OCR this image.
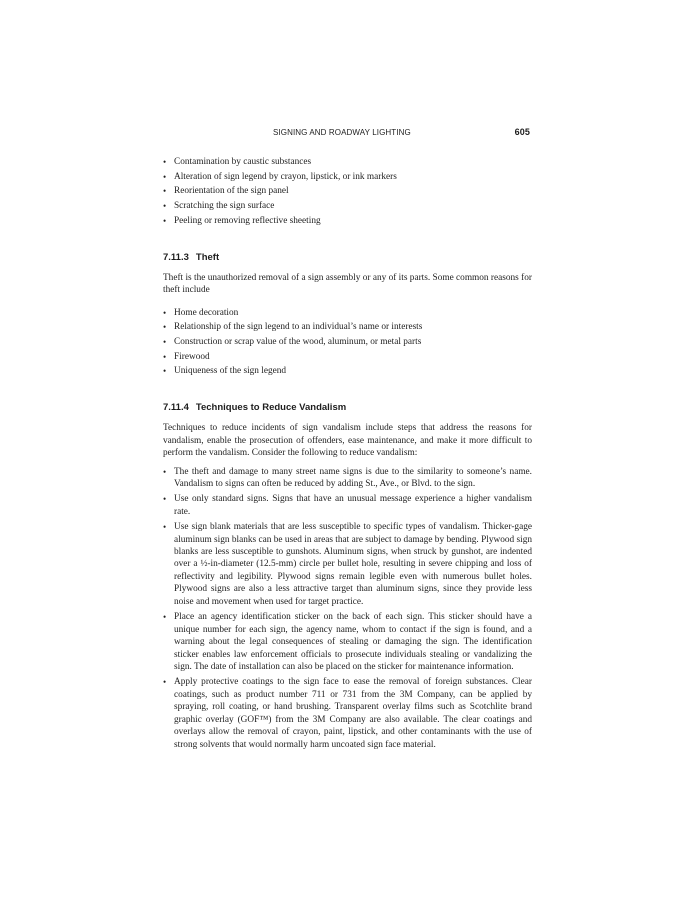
SIGNING AND ROADWAY LIGHTING	605
• Contamination by caustic substances
• Alteration of sign legend by crayon, lipstick, or ink markers
• Reorientation of the sign panel
• Scratching the sign surface
• Peeling or removing reflective sheeting
7.11.3 Theft

Theft is the unauthorized removal of a sign assembly or any of its parts. Some common reasons for theft include

• Home decoration
• Relationship of the sign legend to an individual’s name or interests
• Construction or scrap value of the wood, aluminum, or metal parts
• Firewood
• Uniqueness of the sign legend
7.11.4 Techniques to Reduce Vandalism

Techniques to reduce incidents of sign vandalism include steps that address the reasons for vandalism, enable the prosecution of offenders, ease maintenance, and make it more difficult to perform the vandalism. Consider the following to reduce vandalism:

• The theft and damage to many street name signs is due to the similarity to someone’s name. Vandalism to signs can often be reduced by adding St., Ave., or Blvd. to the sign.
• Use only standard signs. Signs that have an unusual message experience a higher vandalism rate.
• Use sign blank materials that are less susceptible to specific types of vandalism. Thicker-gage aluminum sign blanks can be used in areas that are subject to damage by bending. Plywood sign blanks are less susceptible to gunshots. Aluminum signs, when struck by gunshot, are indented over a ½-in-diameter (12.5-mm) circle per bullet hole, resulting in severe chipping and loss of reflectivity and legibility. Plywood signs remain legible even with numerous bullet holes. Plywood signs are also a less attractive target than aluminum signs, since they provide less noise and movement when used for target practice.
• Place an agency identification sticker on the back of each sign. This sticker should have a unique number for each sign, the agency name, whom to contact if the sign is found, and a warning about the legal consequences of stealing or damaging the sign. The identification sticker enables law enforcement officials to prosecute individuals stealing or vandalizing the sign. The date of installation can also be placed on the sticker for maintenance information.
• Apply protective coatings to the sign face to ease the removal of foreign substances. Clear coatings, such as product number 711 or 731 from the 3M Company, can be applied by spraying, roll coating, or hand brushing. Transparent overlay films such as Scotchlite brand graphic overlay (GOF™) from the 3M Company are also available. The clear coatings and overlays allow the removal of crayon, paint, lipstick, and other contaminants with the use of strong solvents that would normally harm uncoated sign face material.
